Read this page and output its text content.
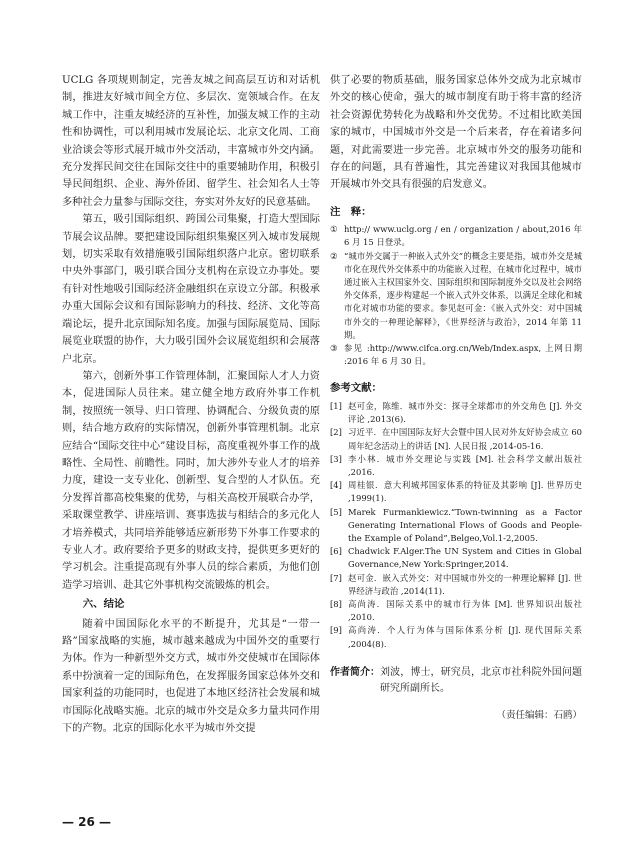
UCLG 各项规则制定，完善友城之间高层互访和对话机制，推进友好城市间全方位、多层次、宽领域合作。在友城工作中，注重友城经济的互补性，加强友城工作的主动性和协调性，可以利用城市发展论坛、北京文化周、工商业洽谈会等形式展开城市外交活动，丰富城市外交内涵。充分发挥民间交往在国际交往中的重要辅助作用，积极引导民间组织、企业、海外侨团、留学生、社会知名人士等多种社会力量参与国际交往，夯实对外友好的民意基础。

第五，吸引国际组织、跨国公司集聚，打造大型国际节展会议品牌。要把建设国际组织集聚区列入城市发展规划，切实采取有效措施吸引国际组织落户北京。密切联系中央外事部门，吸引联合国分支机构在京设立办事处。要有针对性地吸引国际经济金融组织在京设立分部。积极承办重大国际会议和有国际影响力的科技、经济、文化等高端论坛，提升北京国际知名度。加强与国际展览局、国际展览业联盟的协作，大力吸引国外会议展览组织和会展落户北京。

第六，创新外事工作管理体制，汇聚国际人才人力资本，促进国际人员往来。建立健全地方政府外事工作机制，按照统一领导、归口管理、协调配合、分级负责的原则，结合地方政府的实际情况，创新外事管理机制。北京应结合“国际交往中心”建设目标，高度重视外事工作的战略性、全局性、前瞻性。同时，加大涉外专业人才的培养力度，建设一支专业化、创新型、复合型的人才队伍。充分发挥首都高校集聚的优势，与相关高校开展联合办学，采取课堂教学、讲座培训、赛事选拔与相结合的多元化人才培养模式，共同培养能够适应新形势下外事工作要求的专业人才。政府要给予更多的财政支持，提供更多更好的学习机会。注重提高现有外事人员的综合素质，为他们创造学习培训、赴其它外事机构交流锻炼的机会。

六、结论

随着中国国际化水平的不断提升，尤其是“一带一路”国家战略的实施，城市越来越成为中国外交的重要行为体。作为一种新型外交方式，城市外交使城市在国际体系中扮演着一定的国际角色，在发挥服务国家总体外交和国家利益的功能同时，也促进了本地区经济社会发展和城市国际化战略实施。北京的城市外交是众多力量共同作用下的产物。北京的国际化水平为城市外交提

供了必要的物质基础，服务国家总体外交成为北京城市外交的核心使命，强大的城市制度有助于将丰富的经济社会资源优势转化为战略和外交优势。不过相比欧美国家的城市，中国城市外交是一个后来者，存在着诸多问题，对此需要进一步完善。北京城市外交的服务功能和存在的问题，具有普遍性，其完善建议对我国其他城市开展城市外交具有很强的启发意义。

注　释：
① http:// www.uclg.org / en / organization / about,2016 年 6 月 15 日登录。
② “城市外交属于一种嵌入式外交”的概念主要是指，城市外交是城市化在现代外交体系中的功能嵌入过程，在城市化过程中，城市通过嵌入主权国家外交、国际组织和国际制度外交以及社会网络外交体系，逐步构建起一个嵌入式外交体系，以满足全球化和城市化对城市功能的要求。参见赵可金：《嵌入式外交：对中国城市外交的一种理论解释》，《世界经济与政治》，2014 年第 11 期。
③ 参见 :http://www.cifca.org.cn/Web/Index.aspx, 上网日期 :2016 年 6 月 30 日。
参考文献：
[1] 赵可金，陈维．城市外交：探寻全球都市的外交角色 [J]. 外交评论 ,2013(6).
[2] 习近平．在中国国际友好大会暨中国人民对外友好协会成立 60 周年纪念活动上的讲话 [N]. 人民日报 ,2014-05-16.
[3] 李小林．城市外交理论与实践 [M]. 社会科学文献出版社 ,2016.
[4] 周桂银．意大利城邦国家体系的特征及其影响 [J]. 世界历史 ,1999(1).
[5] Marek Furmankiewicz.“Town-twinning as a Factor Generating International Flows of Goods and People-the Example of Poland”,Belgeo,Vol.1-2,2005.
[6] Chadwick F.Alger.The UN System and Cities in Global Governance,New York:Springer,2014.
[7] 赵可金．嵌入式外交：对中国城市外交的一种理论解释 [J]. 世界经济与政治 ,2014(11).
[8] 高尚涛．国际关系中的城市行为体 [M]. 世界知识出版社 ,2010.
[9] 高尚涛．个人行为体与国际体系分析 [J]. 现代国际关系 ,2004(8).
作者简介： 刘波，博士，研究员，北京市社科院外国问题研究所副所长。
（责任编辑：石鸥）
— 26 —
